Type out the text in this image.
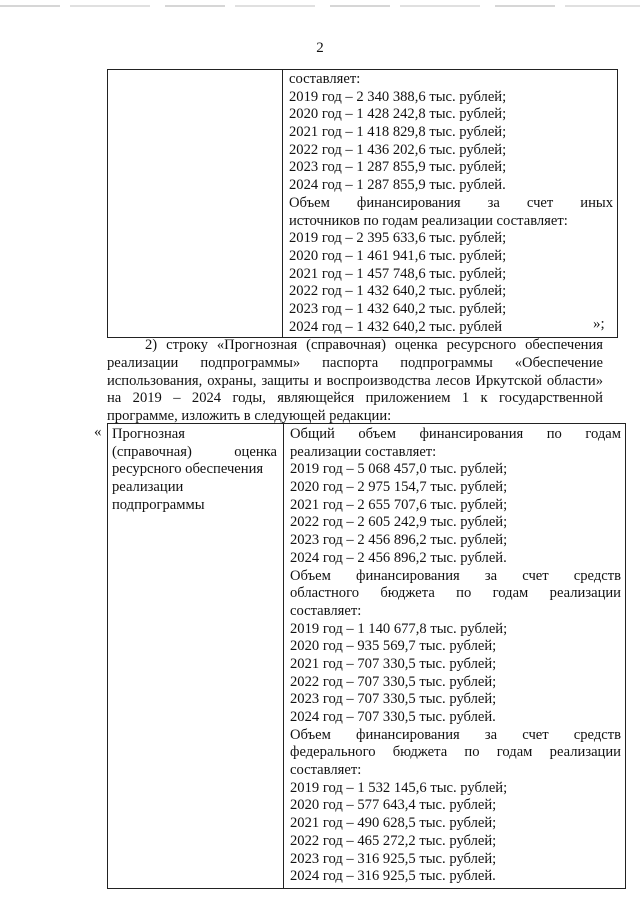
2

составляет:
2019 год – 2 340 388,6 тыс. рублей;
2020 год – 1 428 242,8 тыс. рублей;
2021 год – 1 418 829,8 тыс. рублей;
2022 год – 1 436 202,6 тыс. рублей;
2023 год – 1 287 855,9 тыс. рублей;
2024 год – 1 287 855,9 тыс. рублей.
Объем финансирования за счет иных
источников по годам реализации составляет:
2019 год – 2 395 633,6 тыс. рублей;
2020 год – 1 461 941,6 тыс. рублей;
2021 год – 1 457 748,6 тыс. рублей;
2022 год – 1 432 640,2 тыс. рублей;
2023 год – 1 432 640,2 тыс. рублей;
2024 год – 1 432 640,2 тыс. рублей	»;
2) строку «Прогнозная (справочная) оценка ресурсного обеспечения
реализации подпрограммы» паспорта подпрограммы «Обеспечение
использования, охраны, защиты и воспроизводства лесов Иркутской области»
на 2019 – 2024 годы, являющейся приложением 1 к государственной
программе, изложить в следующей редакции:
« Прогнозная
(справочная) оценка
ресурсного обеспечения
реализации
подпрограммы

Общий объем финансирования по годам
реализации составляет:
2019 год – 5 068 457,0 тыс. рублей;
2020 год – 2 975 154,7 тыс. рублей;
2021 год – 2 655 707,6 тыс. рублей;
2022 год – 2 605 242,9 тыс. рублей;
2023 год – 2 456 896,2 тыс. рублей;
2024 год – 2 456 896,2 тыс. рублей.
Объем финансирования за счет средств
областного бюджета по годам реализации
составляет:
2019 год – 1 140 677,8 тыс. рублей;
2020 год – 935 569,7 тыс. рублей;
2021 год – 707 330,5 тыс. рублей;
2022 год – 707 330,5 тыс. рублей;
2023 год – 707 330,5 тыс. рублей;
2024 год – 707 330,5 тыс. рублей.
Объем финансирования за счет средств
федерального бюджета по годам реализации
составляет:
2019 год – 1 532 145,6 тыс. рублей;
2020 год – 577 643,4 тыс. рублей;
2021 год – 490 628,5 тыс. рублей;
2022 год – 465 272,2 тыс. рублей;
2023 год – 316 925,5 тыс. рублей;
2024 год – 316 925,5 тыс. рублей.
